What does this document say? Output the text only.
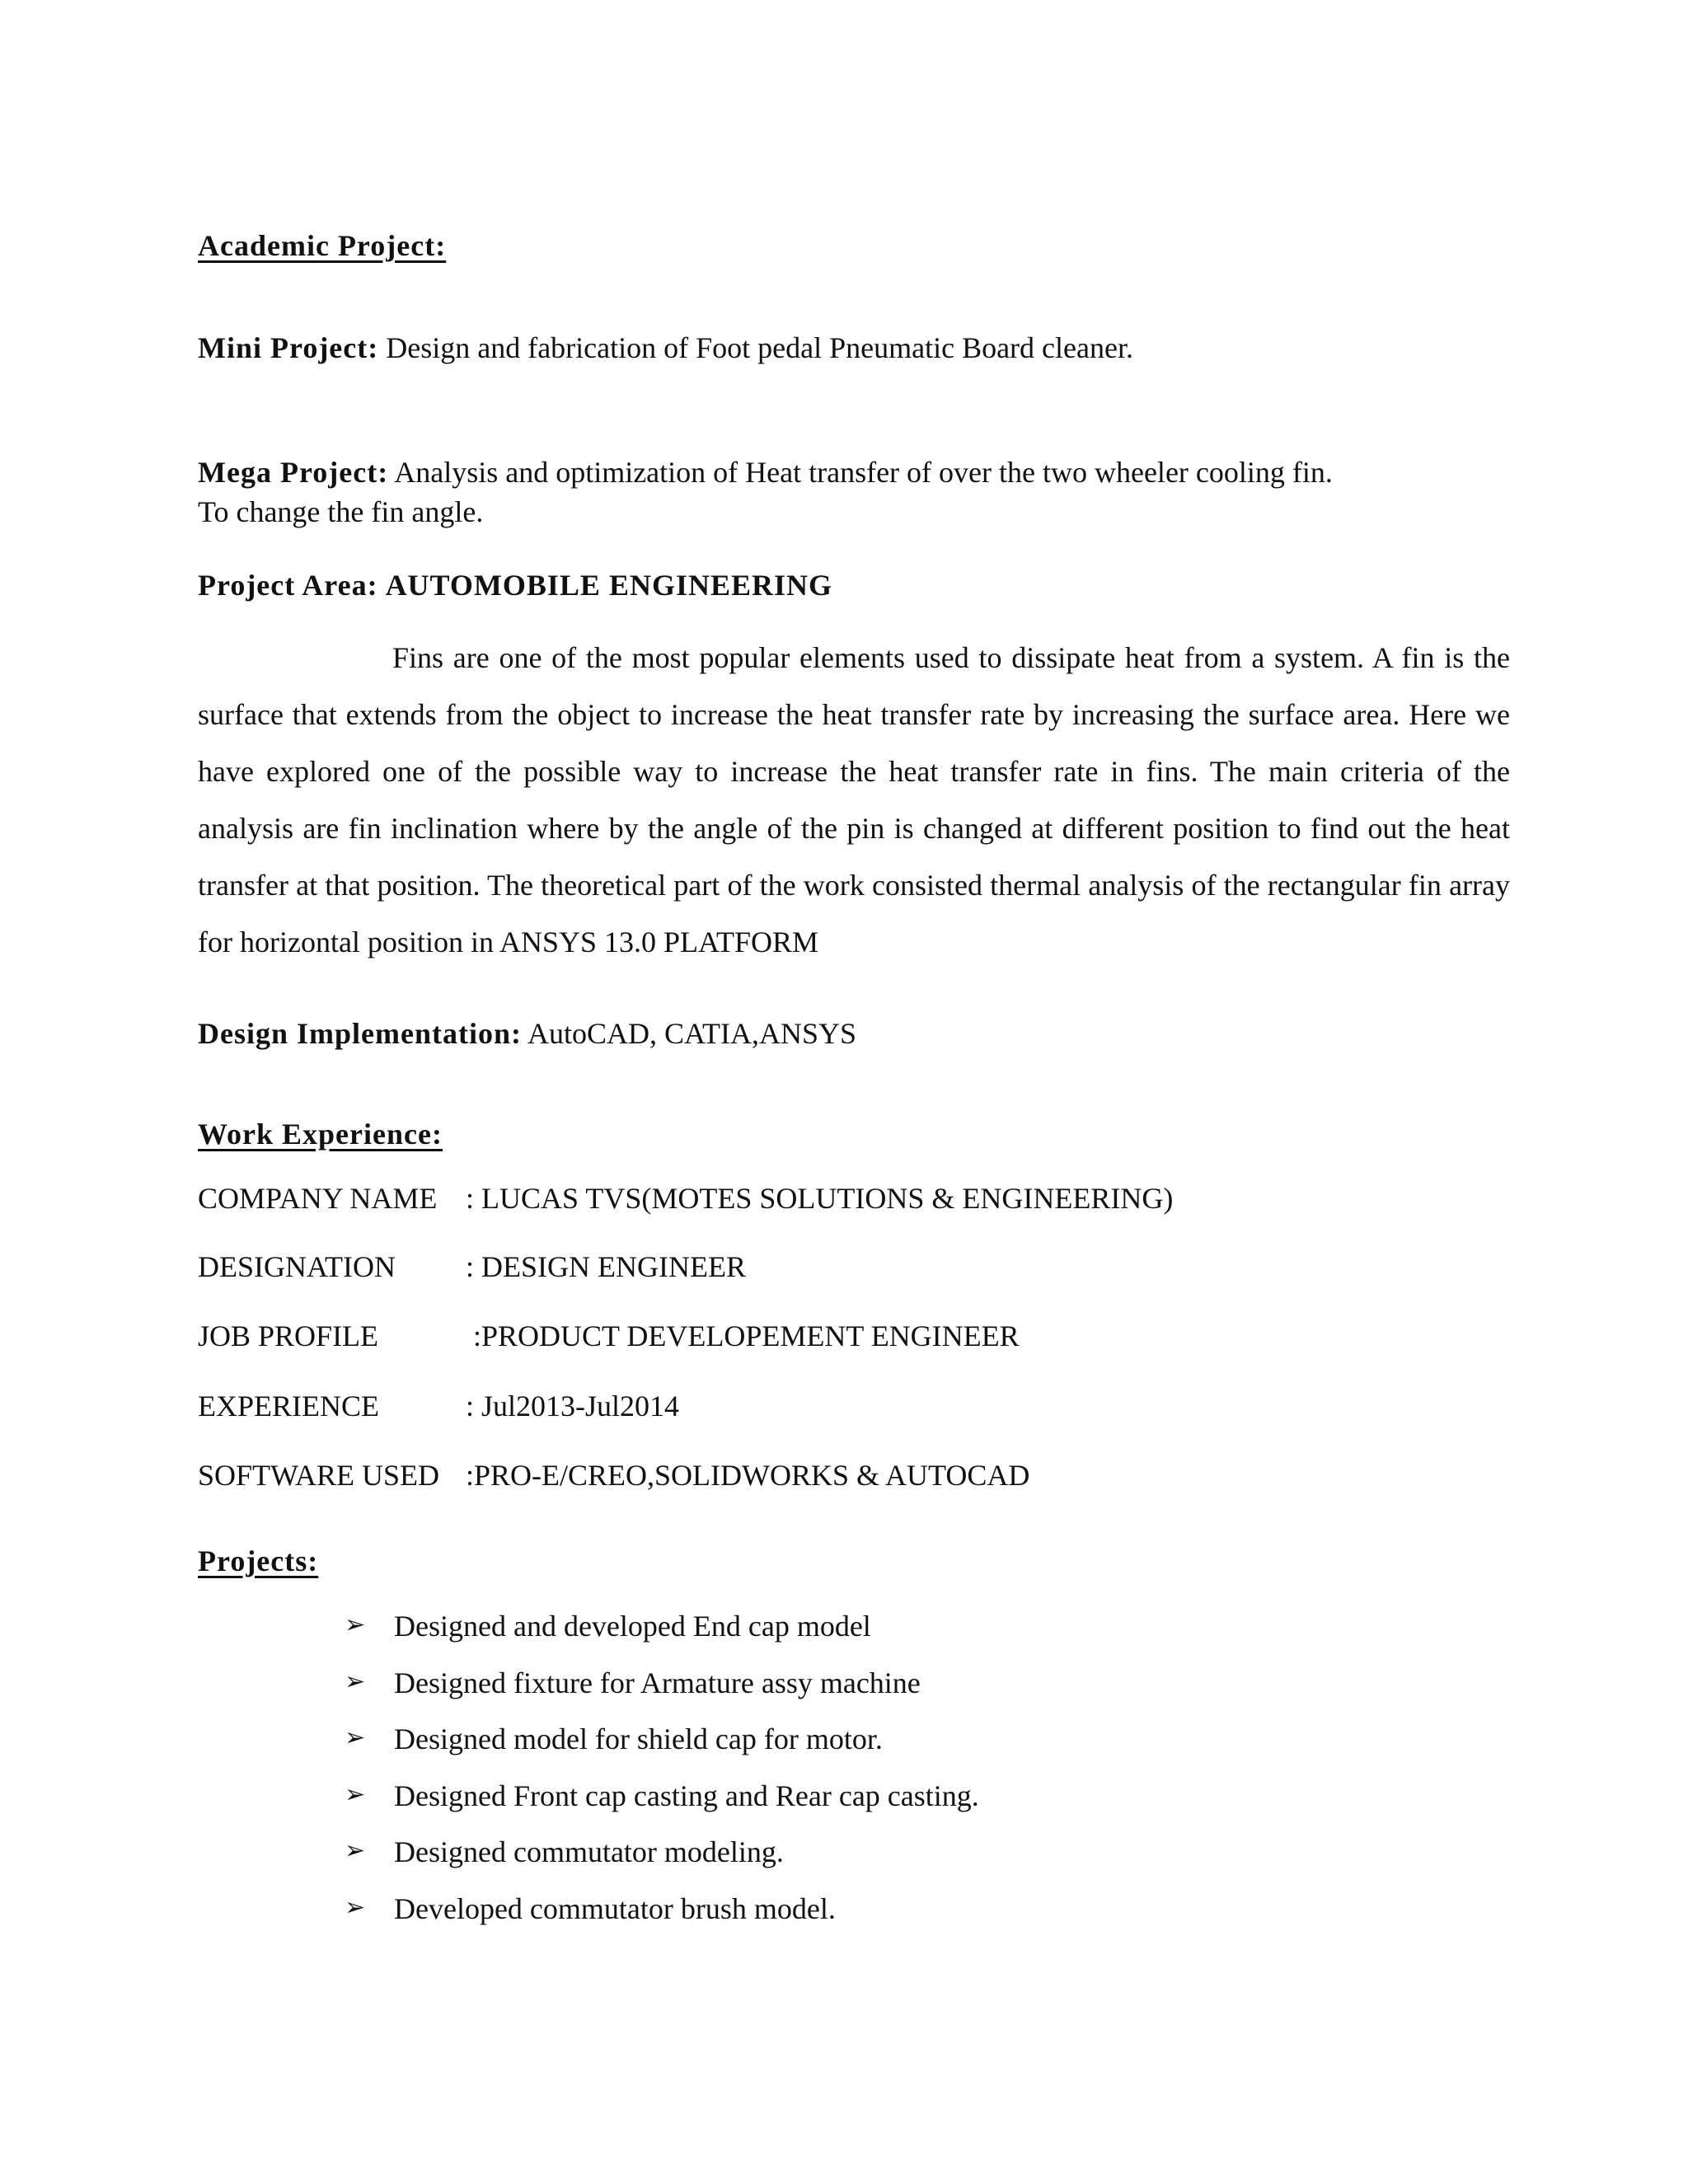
Academic Project:
Mini Project: Design and fabrication of Foot pedal Pneumatic Board cleaner.
Mega Project: Analysis and optimization of Heat transfer of over the two wheeler cooling fin.
To change the fin angle.
Project Area: AUTOMOBILE ENGINEERING
Fins are one of the most popular elements used to dissipate heat from a system. A fin is the surface that extends from the object to increase the heat transfer rate by increasing the surface area. Here we have explored one of the possible way to increase the heat transfer rate in fins. The main criteria of the analysis are fin inclination where by the angle of the pin is changed at different position to find out the heat transfer at that position. The theoretical part of the work consisted thermal analysis of the rectangular fin array for horizontal position in ANSYS 13.0 PLATFORM
Design Implementation: AutoCAD, CATIA,ANSYS
Work Experience:
COMPANY NAME : LUCAS TVS(MOTES SOLUTIONS & ENGINEERING)
DESIGNATION : DESIGN ENGINEER
JOB PROFILE	:PRODUCT DEVELOPEMENT ENGINEER
EXPERIENCE	: Jul2013-Jul2014
SOFTWARE USED :PRO-E/CREO,SOLIDWORKS & AUTOCAD
Projects:
➢ Designed and developed End cap model
➢ Designed fixture for Armature assy machine
➢ Designed model for shield cap for motor.
➢ Designed Front cap casting and Rear cap casting.
➢ Designed commutator modeling.
➢ Developed commutator brush model.
